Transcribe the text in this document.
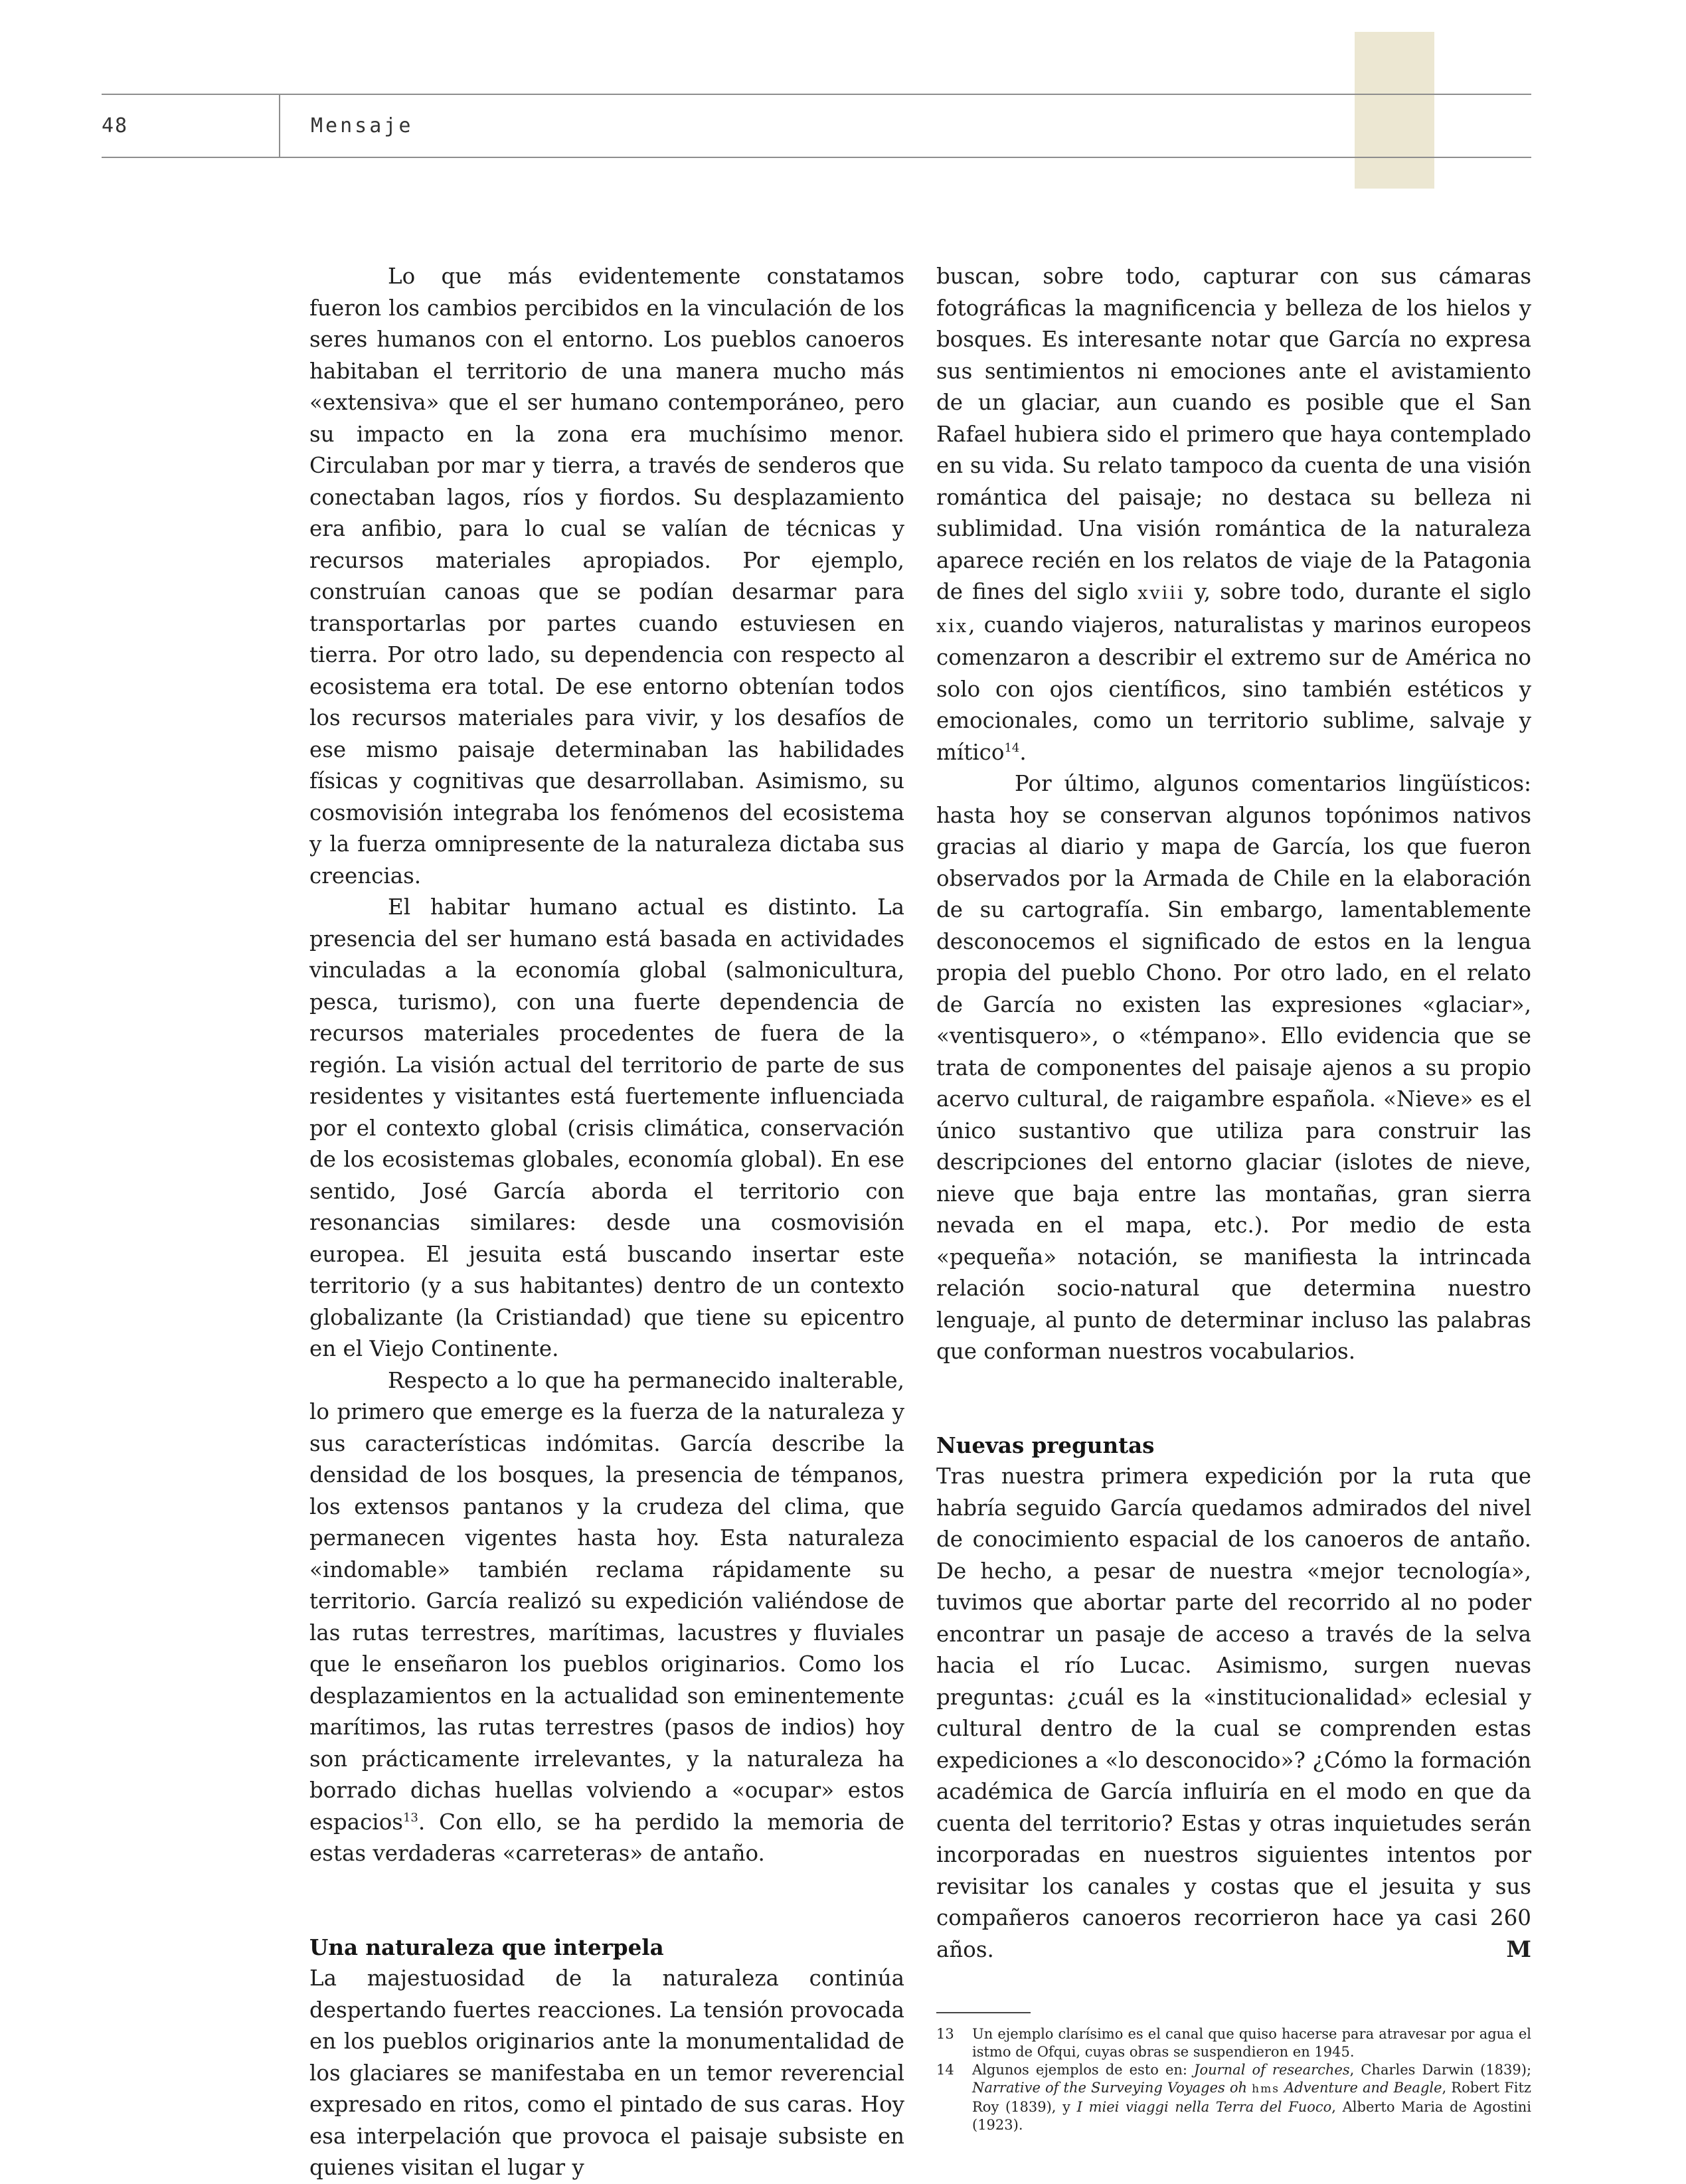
48	Mensaje

Lo que más evidentemente constatamos fueron los cambios percibidos en la vinculación de los seres humanos con el entorno. Los pueblos canoeros habitaban el territorio de una manera mucho más «extensiva» que el ser humano contemporáneo, pero su impacto en la zona era muchísimo menor. Circulaban por mar y tierra, a través de senderos que conectaban lagos, ríos y fiordos. Su desplazamiento era anfibio, para lo cual se valían de técnicas y recursos materiales apropiados. Por ejemplo, construían canoas que se podían desarmar para transportarlas por partes cuando estuviesen en tierra. Por otro lado, su dependencia con respecto al ecosistema era total. De ese entorno obtenían todos los recursos materiales para vivir, y los desafíos de ese mismo paisaje determinaban las habilidades físicas y cognitivas que desarrollaban. Asimismo, su cosmovisión integraba los fenómenos del ecosistema y la fuerza omnipresente de la naturaleza dictaba sus creencias.

El habitar humano actual es distinto. La presencia del ser humano está basada en actividades vinculadas a la economía global (salmonicultura, pesca, turismo), con una fuerte dependencia de recursos materiales procedentes de fuera de la región. La visión actual del territorio de parte de sus residentes y visitantes está fuertemente influenciada por el contexto global (crisis climática, conservación de los ecosistemas globales, economía global). En ese sentido, José García aborda el territorio con resonancias similares: desde una cosmovisión europea. El jesuita está buscando insertar este territorio (y a sus habitantes) dentro de un contexto globalizante (la Cristiandad) que tiene su epicentro en el Viejo Continente.

Respecto a lo que ha permanecido inalterable, lo primero que emerge es la fuerza de la naturaleza y sus características indómitas. García describe la densidad de los bosques, la presencia de témpanos, los extensos pantanos y la crudeza del clima, que permanecen vigentes hasta hoy. Esta naturaleza «indomable» también reclama rápidamente su territorio. García realizó su expedición valiéndose de las rutas terrestres, marítimas, lacustres y fluviales que le enseñaron los pueblos originarios. Como los desplazamientos en la actualidad son eminentemente marítimos, las rutas terrestres (pasos de indios) hoy son prácticamente irrelevantes, y la naturaleza ha borrado dichas huellas volviendo a «ocupar» estos espacios$^{13}$. Con ello, se ha perdido la memoria de estas verdaderas «carreteras» de antaño.

Una naturaleza que interpela

La majestuosidad de la naturaleza continúa despertando fuertes reacciones. La tensión provocada en los pueblos originarios ante la monumentalidad de los glaciares se manifestaba en un temor reverencial expresado en ritos, como el pintado de sus caras. Hoy esa interpelación que provoca el paisaje subsiste en quienes visitan el lugar y

buscan, sobre todo, capturar con sus cámaras fotográficas la magnificencia y belleza de los hielos y bosques. Es interesante notar que García no expresa sus sentimientos ni emociones ante el avistamiento de un glaciar, aun cuando es posible que el San Rafael hubiera sido el primero que haya contemplado en su vida. Su relato tampoco da cuenta de una visión romántica del paisaje; no destaca su belleza ni sublimidad. Una visión romántica de la naturaleza aparece recién en los relatos de viaje de la Patagonia de fines del siglo xviii y, sobre todo, durante el siglo xix, cuando viajeros, naturalistas y marinos europeos comenzaron a describir el extremo sur de América no solo con ojos científicos, sino también estéticos y emocionales, como un territorio sublime, salvaje y mítico$^{14}$.

Por último, algunos comentarios lingüísticos: hasta hoy se conservan algunos topónimos nativos gracias al diario y mapa de García, los que fueron observados por la Armada de Chile en la elaboración de su cartografía. Sin embargo, lamentablemente desconocemos el significado de estos en la lengua propia del pueblo Chono. Por otro lado, en el relato de García no existen las expresiones «glaciar», «ventisquero», o «témpano». Ello evidencia que se trata de componentes del paisaje ajenos a su propio acervo cultural, de raigambre española. «Nieve» es el único sustantivo que utiliza para construir las descripciones del entorno glaciar (islotes de nieve, nieve que baja entre las montañas, gran sierra nevada en el mapa, etc.). Por medio de esta «pequeña» notación, se manifiesta la intrincada relación socio-natural que determina nuestro lenguaje, al punto de determinar incluso las palabras que conforman nuestros vocabularios.

Nuevas preguntas

Tras nuestra primera expedición por la ruta que habría seguido García quedamos admirados del nivel de conocimiento espacial de los canoeros de antaño. De hecho, a pesar de nuestra «mejor tecnología», tuvimos que abortar parte del recorrido al no poder encontrar un pasaje de acceso a través de la selva hacia el río Lucac. Asimismo, surgen nuevas preguntas: ¿cuál es la «institucionalidad» eclesial y cultural dentro de la cual se comprenden estas expediciones a «lo desconocido»? ¿Cómo la formación académica de García influiría en el modo en que da cuenta del territorio? Estas y otras inquietudes serán incorporadas en nuestros siguientes intentos por revisitar los canales y costas que el jesuita y sus compañeros canoeros recorrieron hace ya casi 260 años.	M

13 Un ejemplo clarísimo es el canal que quiso hacerse para atravesar por agua el istmo de Ofqui, cuyas obras se suspendieron en 1945.

14 Algunos ejemplos de esto en: Journal of researches, Charles Darwin (1839); Narrative of the Surveying Voyages oh hms Adventure and Beagle, Robert Fitz Roy (1839), y I miei viaggi nella Terra del Fuoco, Alberto Maria de Agostini (1923).
